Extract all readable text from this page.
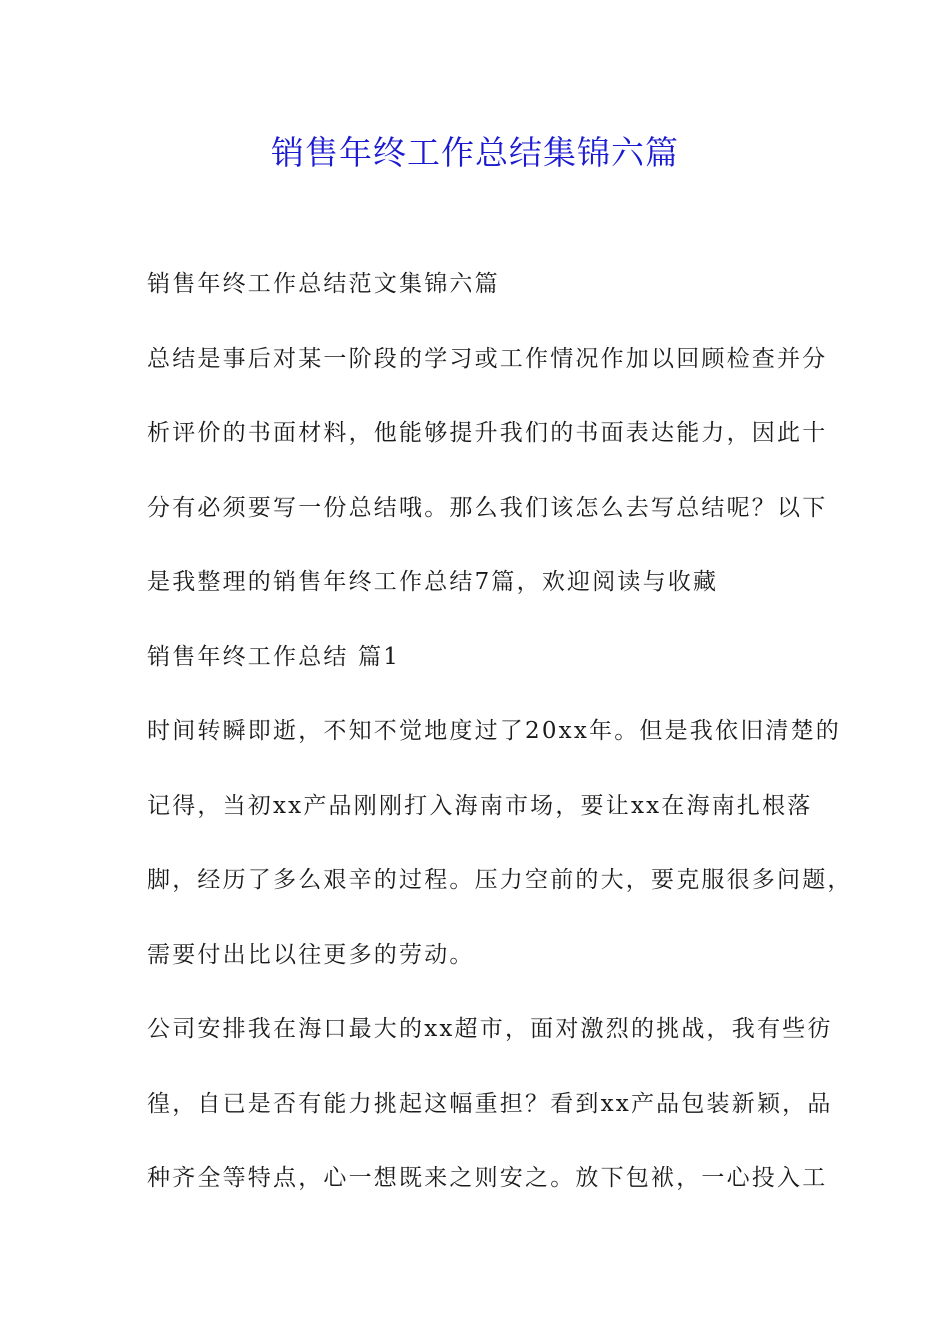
销售年终工作总结集锦六篇
销售年终工作总结范文集锦六篇
总结是事后对某一阶段的学习或工作情况作加以回顾检查并分
析评价的书面材料，他能够提升我们的书面表达能力，因此十
分有必须要写一份总结哦。那么我们该怎么去写总结呢？以下
是我整理的销售年终工作总结7篇，欢迎阅读与收藏
销售年终工作总结 篇1
时间转瞬即逝，不知不觉地度过了20xx年。但是我依旧清楚的
记得，当初xx产品刚刚打入海南市场，要让xx在海南扎根落
脚，经历了多么艰辛的过程。压力空前的大，要克服很多问题，
需要付出比以往更多的劳动。
公司安排我在海口最大的xx超市，面对激烈的挑战，我有些彷
徨，自已是否有能力挑起这幅重担？看到xx产品包装新颖，品
种齐全等特点，心一想既来之则安之。放下包袱，一心投入工
